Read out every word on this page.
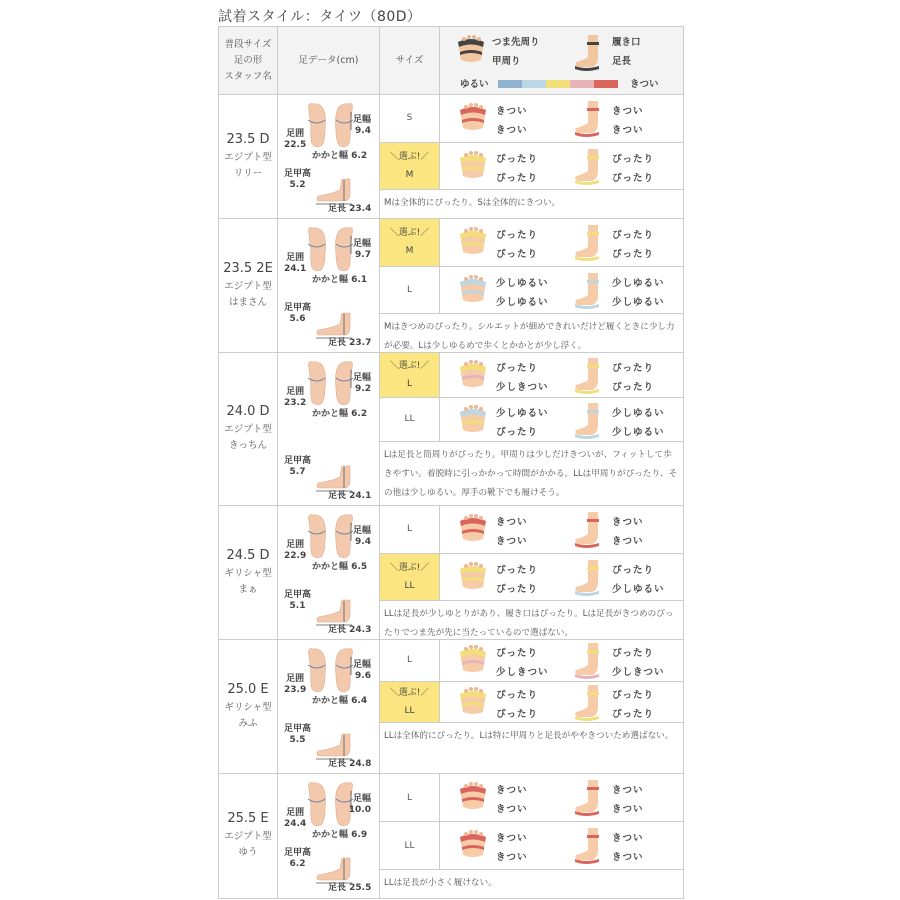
試着スタイル：タイツ（80D）
普段サイズ
足の形
スタッフ名
足データ(cm)	サイズ
つま先周り
甲周り
履き口
足長
ゆるい	きつい
23.5 D
エジプト型
リリー
足幅
9.4
足囲
22.5
かかと幅 6.2
足甲高
5.2
足長 23.4
S
きつい
きつい
きつい
きつい
＼選ぶ!／
M
ぴったり
ぴったり
ぴったり
ぴったり
Mは全体的にぴったり。Sは全体的にきつい。
23.5 2E
エジプト型
はまさん
足幅
9.7
足囲
24.1
かかと幅 6.1
足甲高
5.6
足長 23.7
＼選ぶ!／
M
ぴったり
ぴったり
ぴったり
ぴったり
L
少しゆるい
少しゆるい
少しゆるい
少しゆるい
Mはきつめのぴったり。シルエットが細めできれいだけど履くときに少し力が必要。Lは少しゆるめで歩くとかかとが少し浮く。
24.0 D
エジプト型
きっちん
足幅
9.2
足囲
23.2
かかと幅 6.2
足甲高
5.7
足長 24.1
＼選ぶ!／
L
ぴったり
少しきつい
ぴったり
ぴったり
LL
少しゆるい
ぴったり
少しゆるい
少しゆるい
Lは足長と筒周りがぴったり。甲周りは少しだけきついが、フィットして歩きやすい。着脱時に引っかかって時間がかかる。LLは甲周りがぴったり、その他は少しゆるい。厚手の靴下でも履けそう。
24.5 D
ギリシャ型
まぁ
足幅
9.4
足囲
22.9
かかと幅 6.5
足甲高
5.1
足長 24.3
L
きつい
きつい
きつい
きつい
＼選ぶ!／
LL
ぴったり
ぴったり
ぴったり
少しゆるい
LLは足長が少しゆとりがあり、履き口はぴったり。Lは足長がきつめのぴったりでつま先が先に当たっているので選ばない。
25.0 E
ギリシャ型
みふ
足幅
9.6
足囲
23.9
かかと幅 6.4
足甲高
5.5
足長 24.8
L
ぴったり
少しきつい
ぴったり
少しきつい
＼選ぶ!／
LL
ぴったり
ぴったり
ぴったり
ぴったり
LLは全体的にぴったり。Lは特に甲周りと足長がややきついため選ばない。
25.5 E
エジプト型
ゆう
足幅
10.0
足囲
24.4
かかと幅 6.9
足甲高
6.2
足長 25.5
L
きつい
きつい
きつい
きつい
LL
きつい
きつい
きつい
きつい
LLは足長が小さく履けない。
